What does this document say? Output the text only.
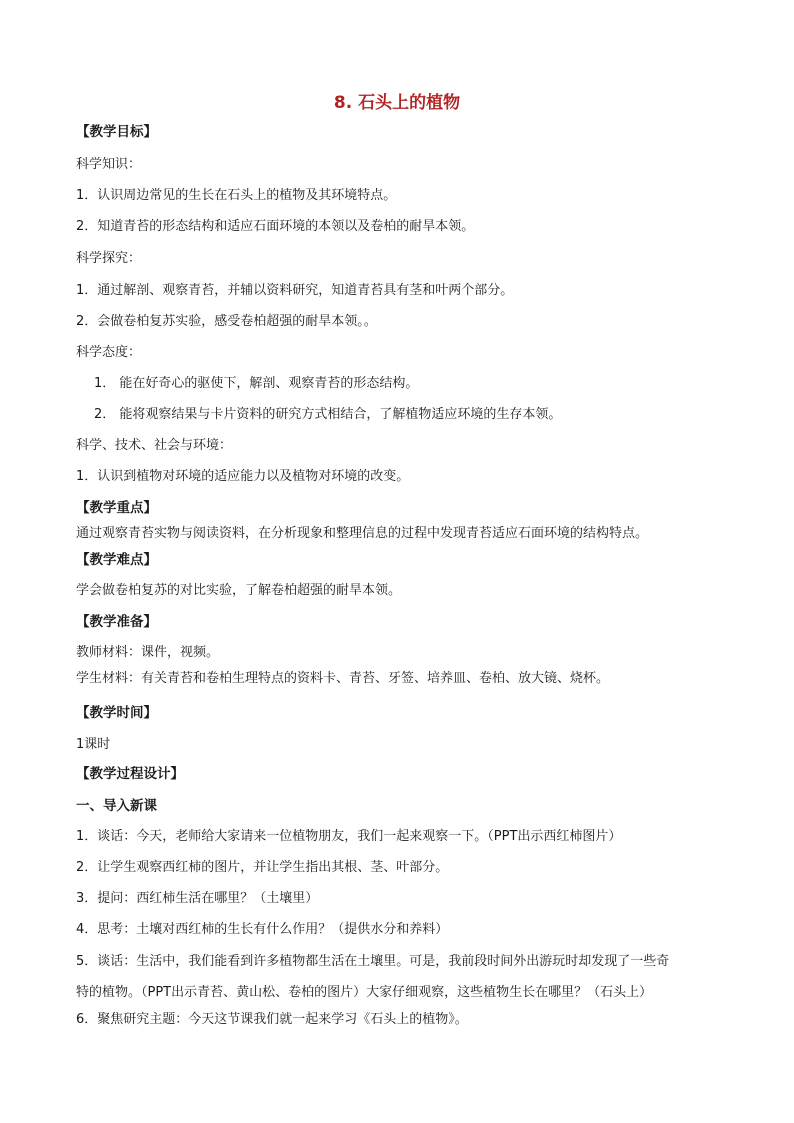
8. 石头上的植物
【教学目标】
科学知识：
1．认识周边常见的生长在石头上的植物及其环境特点。
2．知道青苔的形态结构和适应石面环境的本领以及卷柏的耐旱本领。
科学探究：
1．通过解剖、观察青苔，并辅以资料研究，知道青苔具有茎和叶两个部分。
2．会做卷柏复苏实验，感受卷柏超强的耐旱本领。。
科学态度：
1． 能在好奇心的驱使下，解剖、观察青苔的形态结构。
2． 能将观察结果与卡片资料的研究方式相结合，了解植物适应环境的生存本领。
科学、技术、社会与环境：
1．认识到植物对环境的适应能力以及植物对环境的改变。
【教学重点】
通过观察青苔实物与阅读资料，在分析现象和整理信息的过程中发现青苔适应石面环境的结构特点。
【教学难点】
学会做卷柏复苏的对比实验，了解卷柏超强的耐旱本领。
【教学准备】
教师材料：课件，视频。
学生材料：有关青苔和卷柏生理特点的资料卡、青苔、牙签、培养皿、卷柏、放大镜、烧杯。
【教学时间】
1课时
【教学过程设计】
一、导入新课
1．谈话：今天，老师给大家请来一位植物朋友，我们一起来观察一下。（PPT出示西红柿图片）
2．让学生观察西红柿的图片，并让学生指出其根、茎、叶部分。
3．提问：西红柿生活在哪里？（土壤里）
4．思考：土壤对西红柿的生长有什么作用？（提供水分和养料）
5．谈话：生活中，我们能看到许多植物都生活在土壤里。可是，我前段时间外出游玩时却发现了一些奇
特的植物。（PPT出示青苔、黄山松、卷柏的图片）大家仔细观察，这些植物生长在哪里？（石头上）
6．聚焦研究主题：今天这节课我们就一起来学习《石头上的植物》。
